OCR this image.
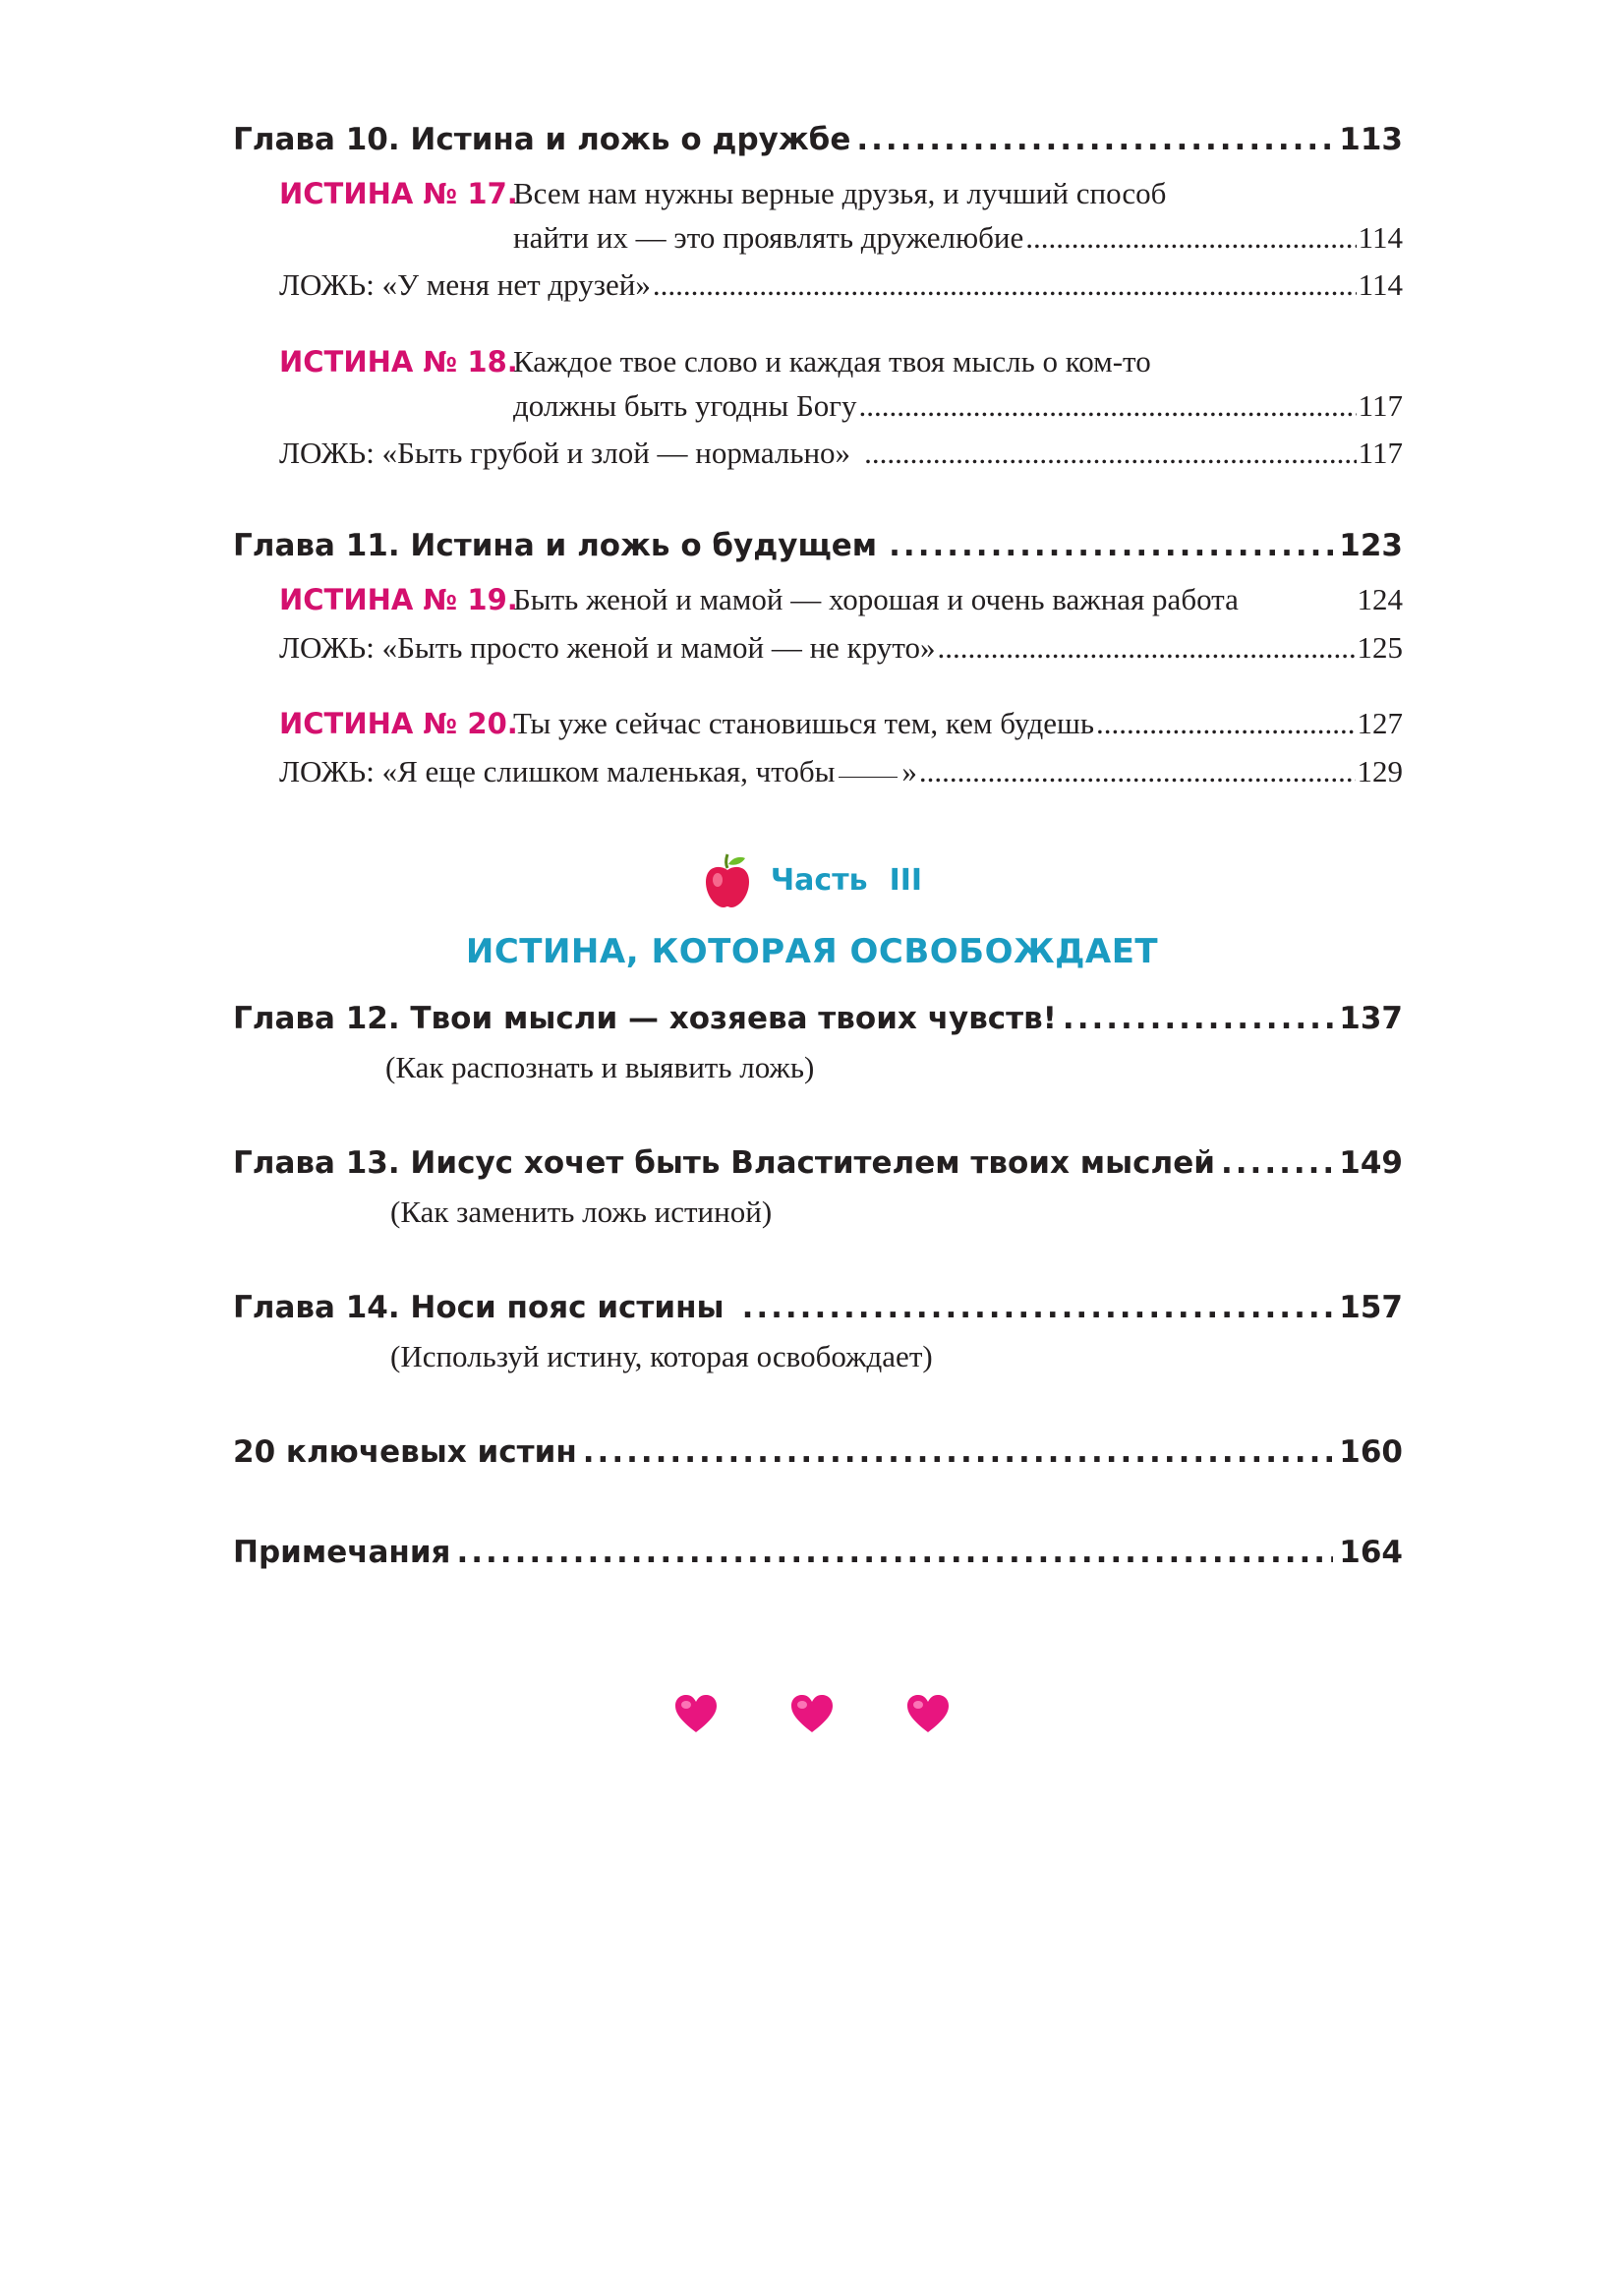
Глава 10. Истина и ложь о дружбе .....	113
ИСТИНА № 17.
Всем нам нужны верные друзья, и лучший способ
найти их — это проявлять дружелюбие .....	114
ЛОЖЬ: «У меня нет друзей» .....	114
ИСТИНА № 18.
Каждое твое слово и каждая твоя мысль о ком-то
должны быть угодны Богу .....	117
ЛОЖЬ: «Быть грубой и злой — нормально» .....	117
Глава 11. Истина и ложь о будущем .....	123
ИСТИНА № 19.
Быть женой и мамой — хорошая и очень важная работа	124
ЛОЖЬ: «Быть просто женой и мамой — не круто» .....	125
ИСТИНА № 20.
Ты уже сейчас становишься тем, кем будешь .....	127
ЛОЖЬ: «Я еще слишком маленькая, чтобы » .....	129
Глава 12. Твои мысли — хозяева твоих чувств! .....	137
(Как распознать и выявить ложь)
Глава 13. Иисус хочет быть Властителем твоих мыслей .....	149
(Как заменить ложь истиной)
Глава 14. Носи пояс истины .....	157
(Используй истину, которая освобождает)
20 ключевых истин .....	160
Примечания .....	164
Часть III
ИСТИНА, КОТОРАЯ ОСВОБОЖДАЕТ
